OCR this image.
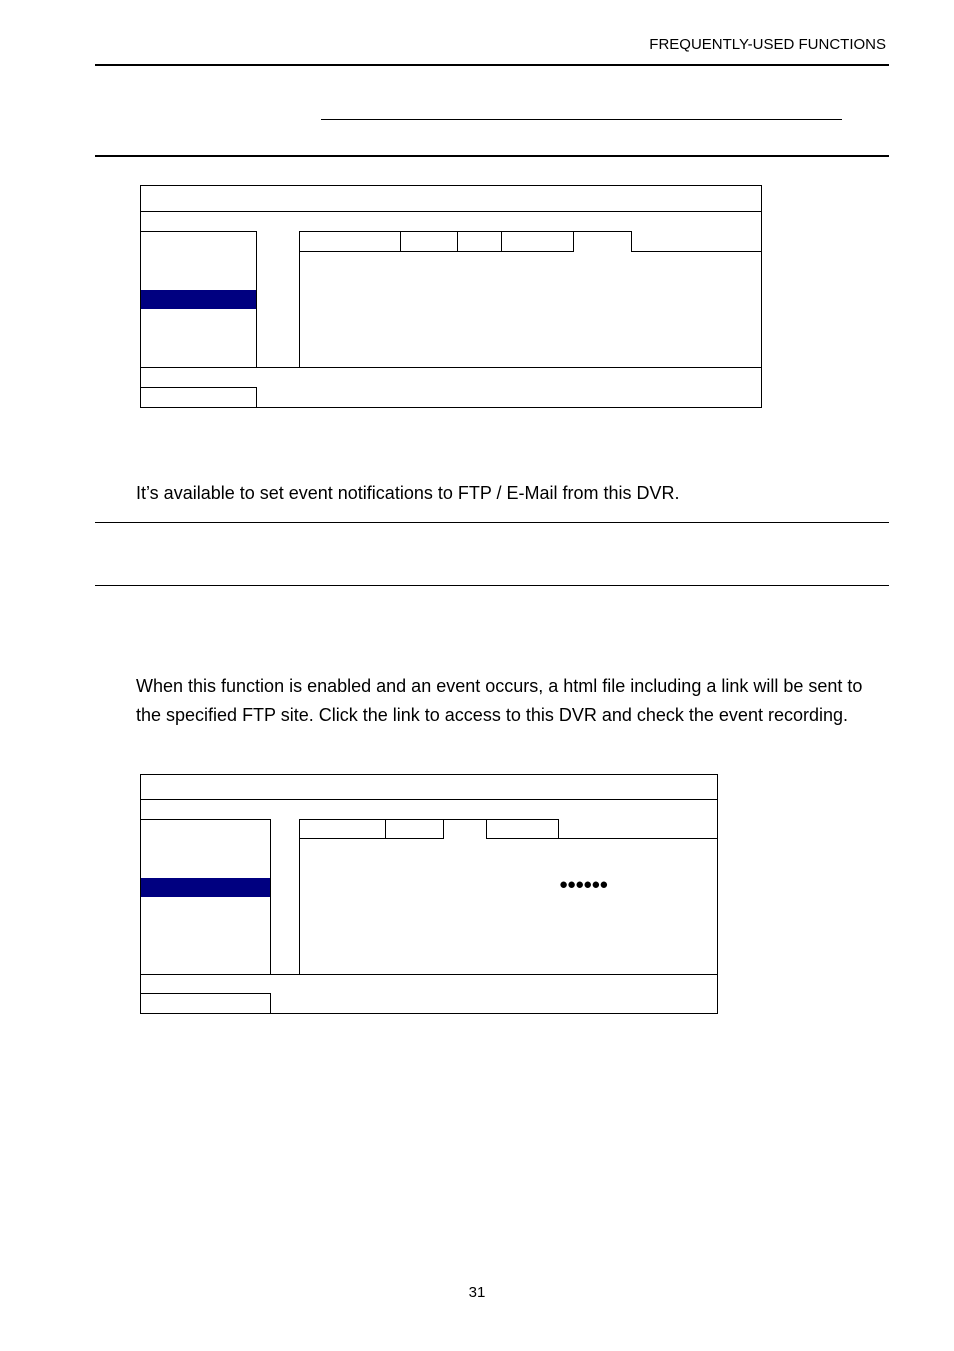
FREQUENTLY-USED FUNCTIONS
It’s available to set event notifications to FTP / E-Mail from this DVR.
When this function is enabled and an event occurs, a html file including a link will be sent to the specified FTP site. Click the link to access to this DVR and check the event recording.
●●●●●●
31
